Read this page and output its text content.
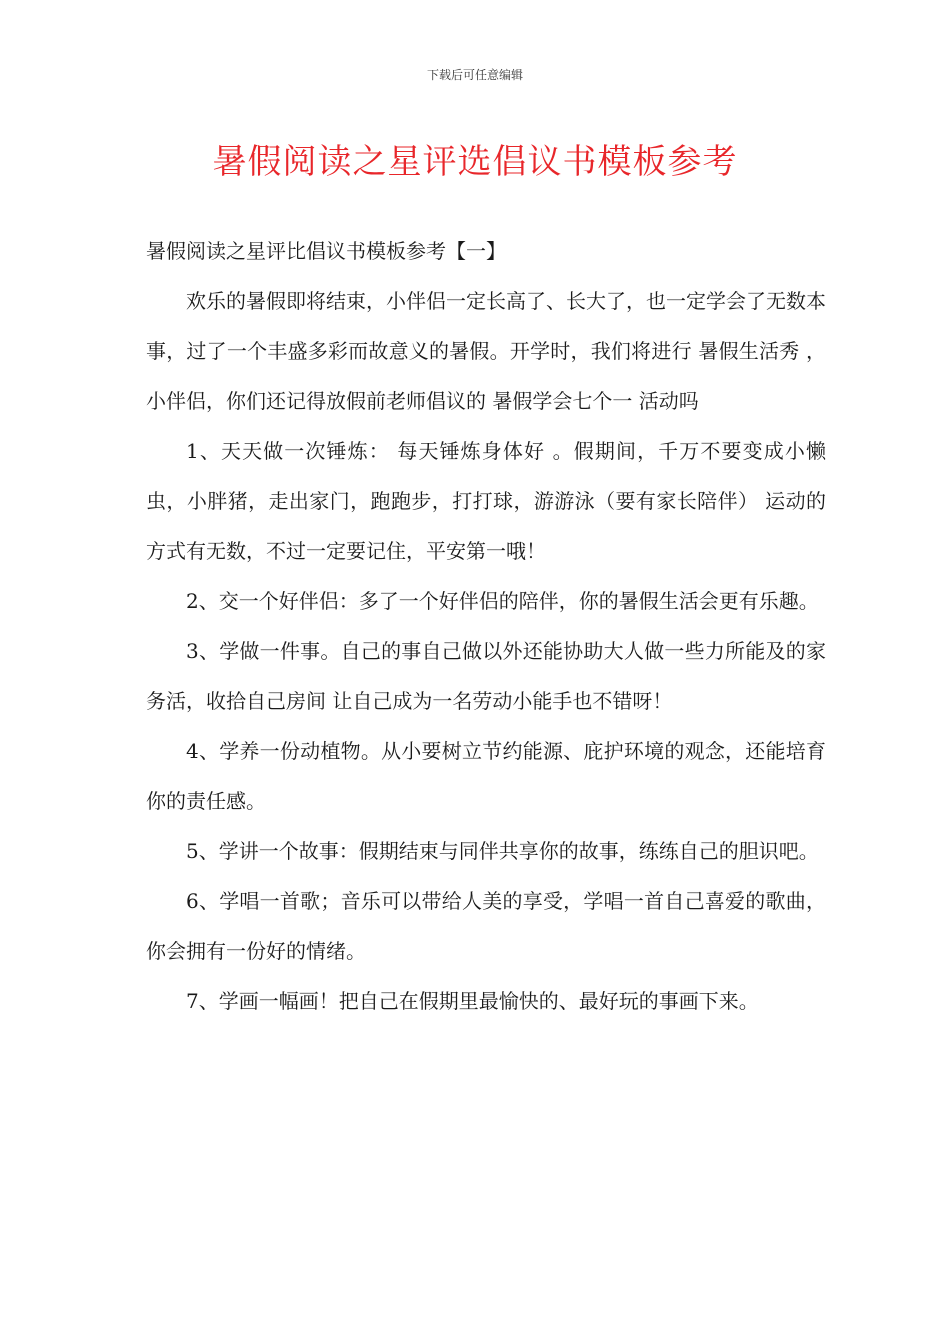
下载后可任意编辑
暑假阅读之星评选倡议书模板参考

暑假阅读之星评比倡议书模板参考【一】

欢乐的暑假即将结束，小伴侣一定长高了、长大了，也一定学会了无数本事，过了一个丰盛多彩而故意义的暑假。开学时，我们将进行 暑假生活秀 ，小伴侣，你们还记得放假前老师倡议的 暑假学会七个一 活动吗

1、天天做一次锤炼： 每天锤炼身体好 。假期间，千万不要变成小懒虫，小胖猪，走出家门，跑跑步，打打球，游游泳（要有家长陪伴） 运动的方式有无数，不过一定要记住，平安第一哦！

2、交一个好伴侣：多了一个好伴侣的陪伴，你的暑假生活会更有乐趣。

3、学做一件事。自己的事自己做以外还能协助大人做一些力所能及的家务活，收拾自己房间 让自己成为一名劳动小能手也不错呀！

4、学养一份动植物。从小要树立节约能源、庇护环境的观念，还能培育你的责任感。

5、学讲一个故事：假期结束与同伴共享你的故事，练练自己的胆识吧。

6、学唱一首歌；音乐可以带给人美的享受，学唱一首自己喜爱的歌曲，你会拥有一份好的情绪。

7、学画一幅画！把自己在假期里最愉快的、最好玩的事画下来。
